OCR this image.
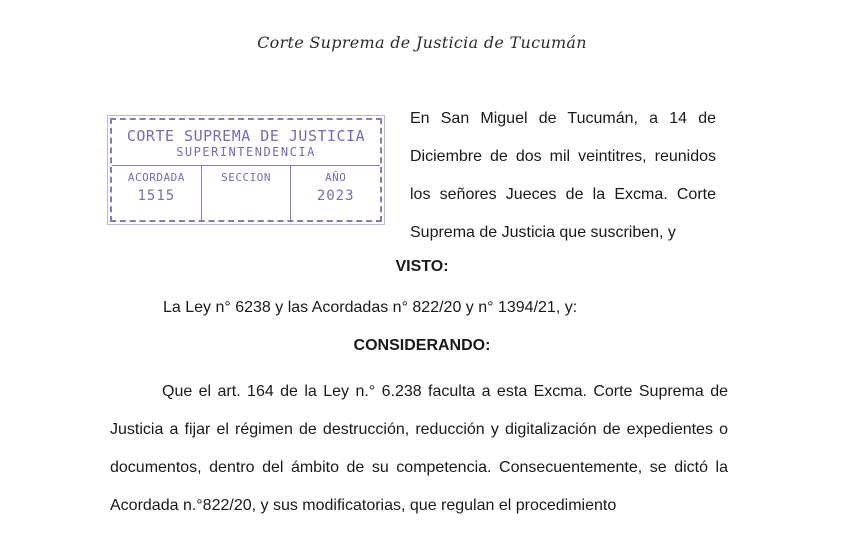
Corte Suprema de Justicia de Tucumán
CORTE SUPREMA DE JUSTICIA
SUPERINTENDENCIA
ACORDADA
1515
SECCION	AÑO
2023
En San Miguel de Tucumán, a 14 de Diciembre de dos mil veintitres, reunidos los señores Jueces de la Excma. Corte Suprema de Justicia que suscriben, y
VISTO:
La Ley n° 6238 y las Acordadas n° 822/20 y n° 1394/21, y:
CONSIDERANDO:
Que el art. 164 de la Ley n.° 6.238 faculta a esta Excma. Corte Suprema de Justicia a fijar el régimen de destrucción, reducción y digitalización de expedientes o documentos, dentro del ámbito de su competencia. Consecuentemente, se dictó la Acordada n.°822/20, y sus modificatorias, que regulan el procedimiento
